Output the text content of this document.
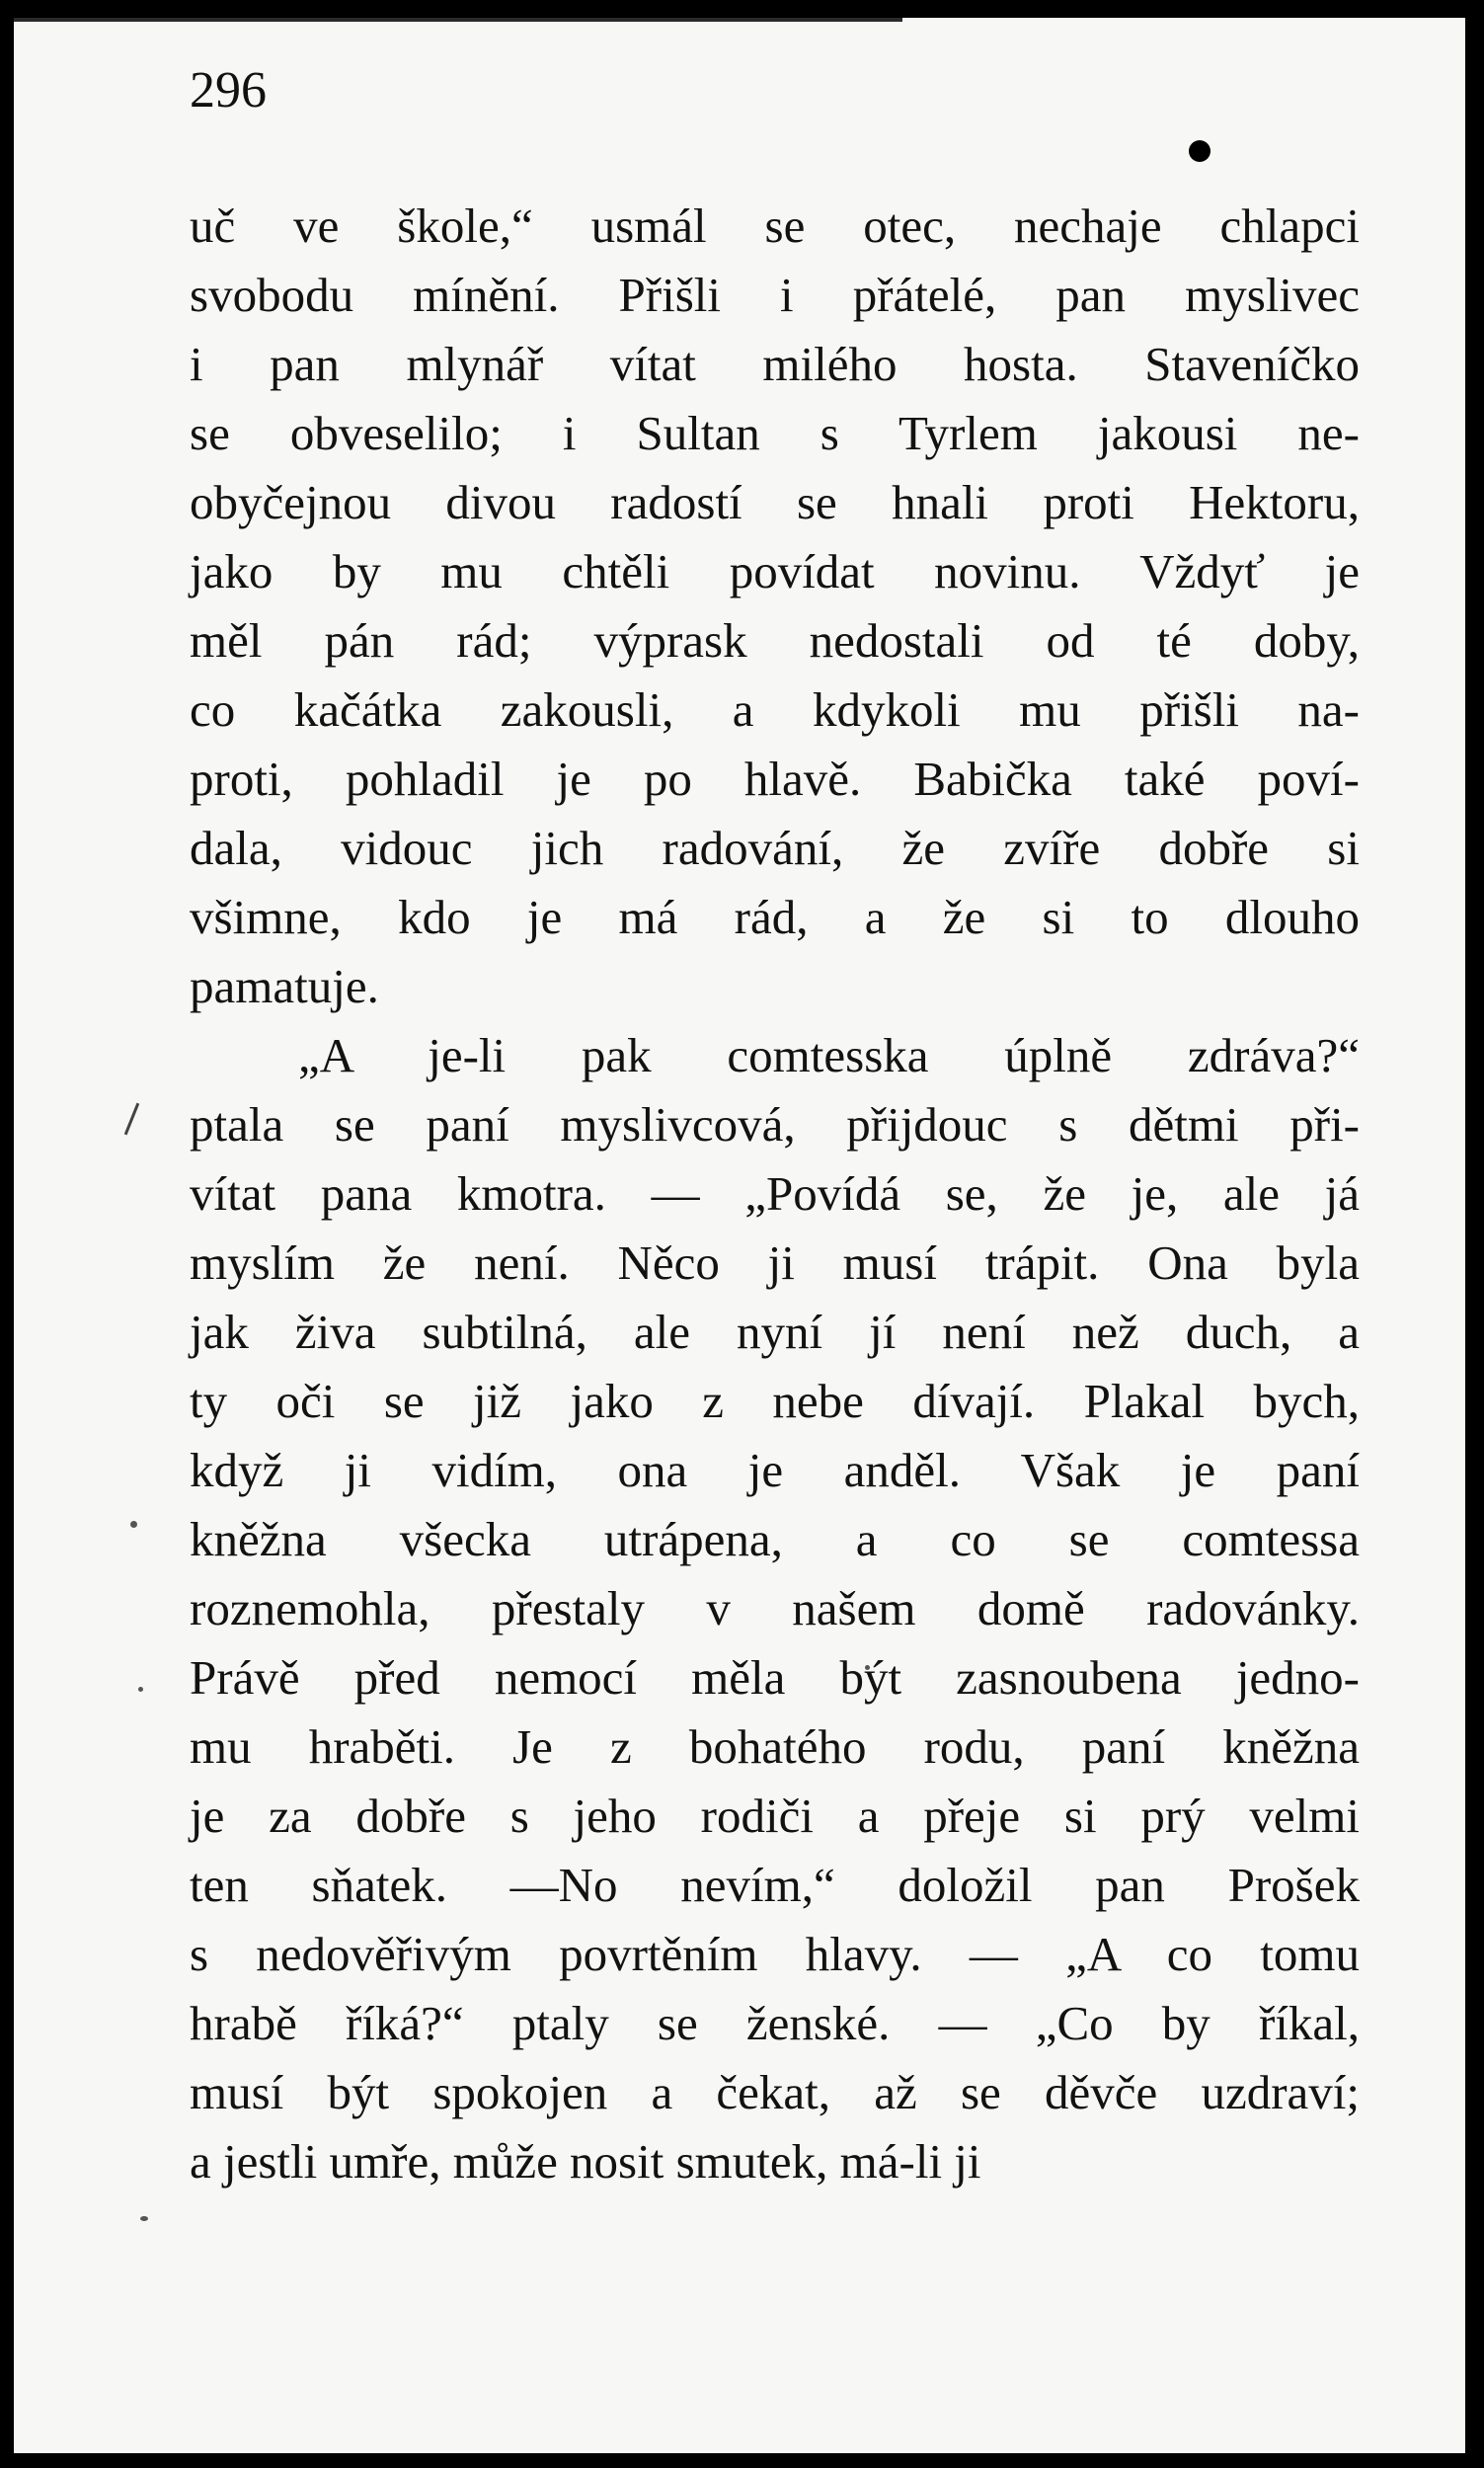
296
uč ve škole,“ usmál se otec, nechaje chlapci
svobodu mínění. Přišli i přátelé, pan myslivec
i pan mlynář vítat milého hosta. Staveníčko
se obveselilo; i Sultan s Tyrlem jakousi ne-
obyčejnou divou radostí se hnali proti Hektoru,
jako by mu chtěli povídat novinu. Vždyť je
měl pán rád; výprask nedostali od té doby,
co kačátka zakousli, a kdykoli mu přišli na-
proti, pohladil je po hlavě. Babička také poví-
dala, vidouc jich radování, že zvíře dobře si
všimne, kdo je má rád, a že si to dlouho
pamatuje.
„A je-li pak comtesska úplně zdráva?“
ptala se paní myslivcová, přijdouc s dětmi při-
vítat pana kmotra. — „Povídá se, že je, ale já
myslím že není. Něco ji musí trápit. Ona byla
jak živa subtilná, ale nyní jí není než duch, a
ty oči se již jako z nebe dívají. Plakal bych,
když ji vidím, ona je anděl. Však je paní
kněžna všecka utrápena, a co se comtessa
roznemohla, přestaly v našem domě radovánky.
Právě před nemocí měla být zasnoubena jedno-
mu hraběti. Je z bohatého rodu, paní kněžna
je za dobře s jeho rodiči a přeje si prý velmi
ten sňatek. —No nevím,“ doložil pan Prošek
s nedověřivým povrtěním hlavy. — „A co tomu
hrabě říká?“ ptaly se ženské. — „Co by říkal,
musí být spokojen a čekat, až se děvče uzdraví;
a jestli umře, může nosit smutek, má-li ji
